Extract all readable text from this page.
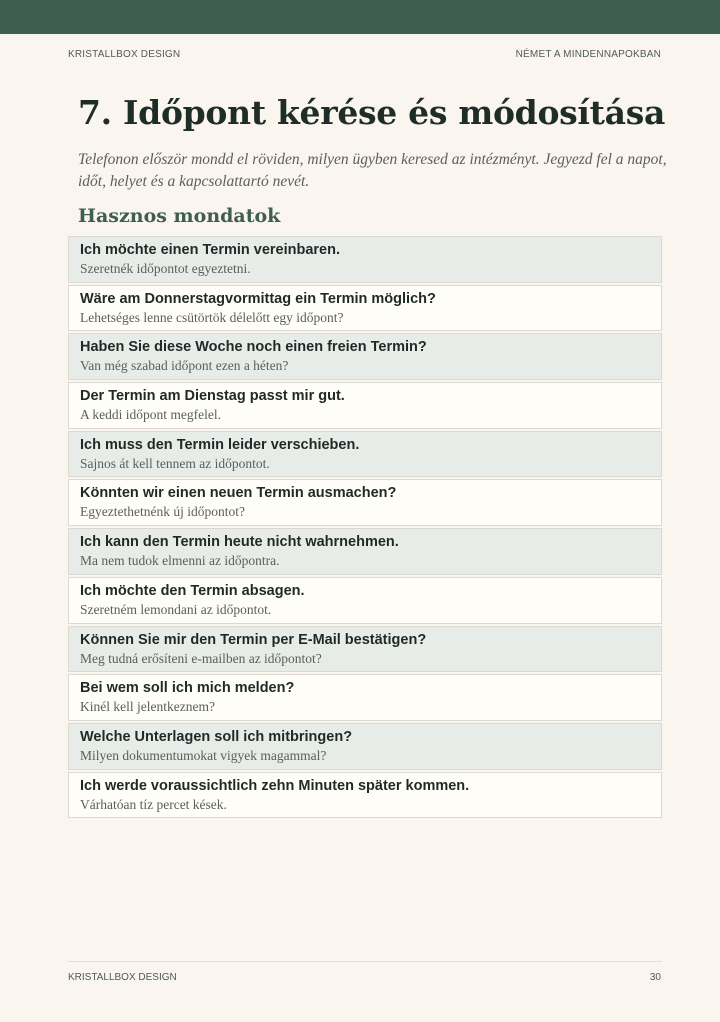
KRISTALLBOX DESIGN	NÉMET A MINDENNAPOKBAN
7. Időpont kérése és módosítása

Telefonon először mondd el röviden, milyen ügyben keresed az intézményt. Jegyezd fel a napot, időt, helyet és a kapcsolattartó nevét.

Hasznos mondatok
Ich möchte einen Termin vereinbaren.
Szeretnék időpontot egyeztetni.
Wäre am Donnerstagvormittag ein Termin möglich?
Lehetséges lenne csütörtök délelőtt egy időpont?
Haben Sie diese Woche noch einen freien Termin?
Van még szabad időpont ezen a héten?
Der Termin am Dienstag passt mir gut.
A keddi időpont megfelel.
Ich muss den Termin leider verschieben.
Sajnos át kell tennem az időpontot.
Könnten wir einen neuen Termin ausmachen?
Egyeztethetnénk új időpontot?
Ich kann den Termin heute nicht wahrnehmen.
Ma nem tudok elmenni az időpontra.
Ich möchte den Termin absagen.
Szeretném lemondani az időpontot.
Können Sie mir den Termin per E-Mail bestätigen?
Meg tudná erősíteni e-mailben az időpontot?
Bei wem soll ich mich melden?
Kinél kell jelentkeznem?
Welche Unterlagen soll ich mitbringen?
Milyen dokumentumokat vigyek magammal?
Ich werde voraussichtlich zehn Minuten später kommen.
Várhatóan tíz percet kések.
KRISTALLBOX DESIGN	30
